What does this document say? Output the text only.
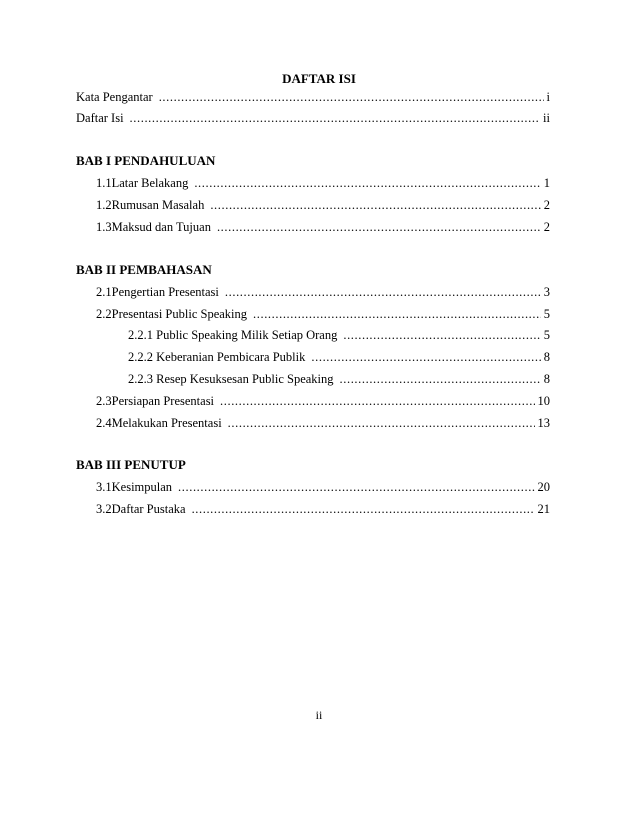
DAFTAR ISI
Kata Pengantar .....	i
Daftar Isi .....	ii
BAB I PENDAHULUAN
1.1 Latar Belakang .....	1
1.2 Rumusan Masalah .....	2
1.3 Maksud dan Tujuan .....	2
BAB II PEMBAHASAN
2.1 Pengertian Presentasi .....	3
2.2 Presentasi Public Speaking .....	5
2.2.1 Public Speaking Milik Setiap Orang .....	5
2.2.2 Keberanian Pembicara Publik .....	8
2.2.3 Resep Kesuksesan Public Speaking .....	8
2.3 Persiapan Presentasi .....	10
2.4 Melakukan Presentasi .....	13
BAB III PENUTUP
3.1 Kesimpulan .....	20
3.2 Daftar Pustaka .....	21
ii
